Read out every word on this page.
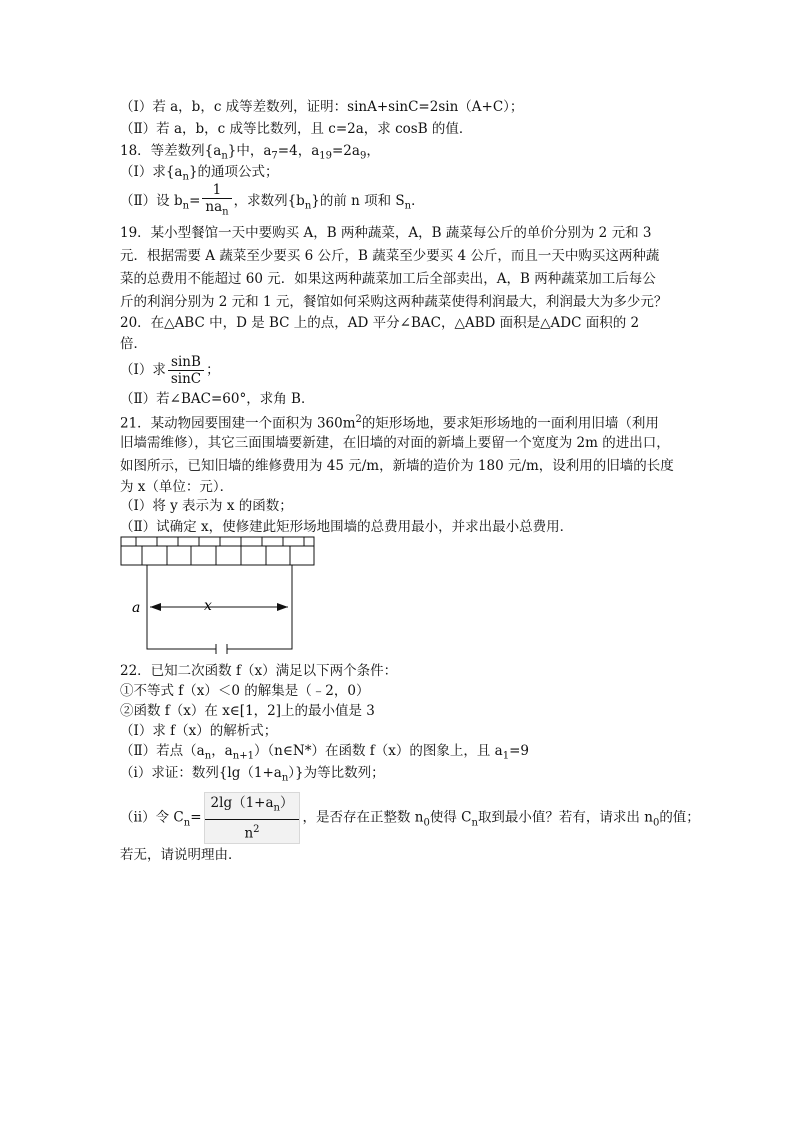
（Ⅰ）若 a，b，c 成等差数列，证明：sinA+sinC=2sin（A+C）；
（Ⅱ）若 a，b，c 成等比数列，且 c=2a，求 cosB 的值．
18．等差数列$\{a_n\}$中，$a_7=4$，$a_{19}=2a_9$，
（Ⅰ）求$\{a_n\}$的通项公式；
（Ⅱ）设 $b_n= \frac{1}{na_n}$ ，求数列$\{b_n\}$的前 n 项和 $S_n$．
19．某小型餐馆一天中要购买 A，B 两种蔬菜，A，B 蔬菜每公斤的单价分别为 2 元和 3
元．根据需要 A 蔬菜至少要买 6 公斤，B 蔬菜至少要买 4 公斤，而且一天中购买这两种蔬
菜的总费用不能超过 60 元．如果这两种蔬菜加工后全部卖出，A，B 两种蔬菜加工后每公
斤的利润分别为 2 元和 1 元，餐馆如何采购这两种蔬菜使得利润最大，利润最大为多少元？
20．在△ABC 中，D 是 BC 上的点，AD 平分∠BAC，△ABD 面积是△ADC 面积的 2
倍．
（Ⅰ）求 $\frac{\sin B}{\sin C}$ ；
（Ⅱ）若∠BAC=60°，求角 B．
21．某动物园要围建一个面积为 $360m^2$的矩形场地，要求矩形场地的一面利用旧墙（利用
旧墙需维修），其它三面围墙要新建，在旧墙的对面的新墙上要留一个宽度为 2m 的进出口，
如图所示，已知旧墙的维修费用为 45 元/m，新墙的造价为 180 元/m，设利用的旧墙的长度
为 x（单位：元）．
（Ⅰ）将 y 表示为 x 的函数；
（Ⅱ）试确定 x，使修建此矩形场地围墙的总费用最小，并求出最小总费用．
a	x
22．已知二次函数 f（x）满足以下两个条件：
①不等式 f（x）＜0 的解集是（﹣2，0）
②函数 f（x）在 x∈[1，2]上的最小值是 3
（Ⅰ）求 f（x）的解析式；
（Ⅱ）若点（$a_n$，$a_{n+1})(n\in N*)$在函数 f（x）的图象上，且 $a_1=9$
（ⅰ）求证：数列$\{\lg(1+a_n)\}$为等比数列；
（ⅱ）令 $C_n= \frac{2\lg(1+a_n)}{n^2}$ ，是否存在正整数 $n_0$使得 $C_n$取到最小值？若有，请求出 $n_0$的值；
若无，请说明理由．
